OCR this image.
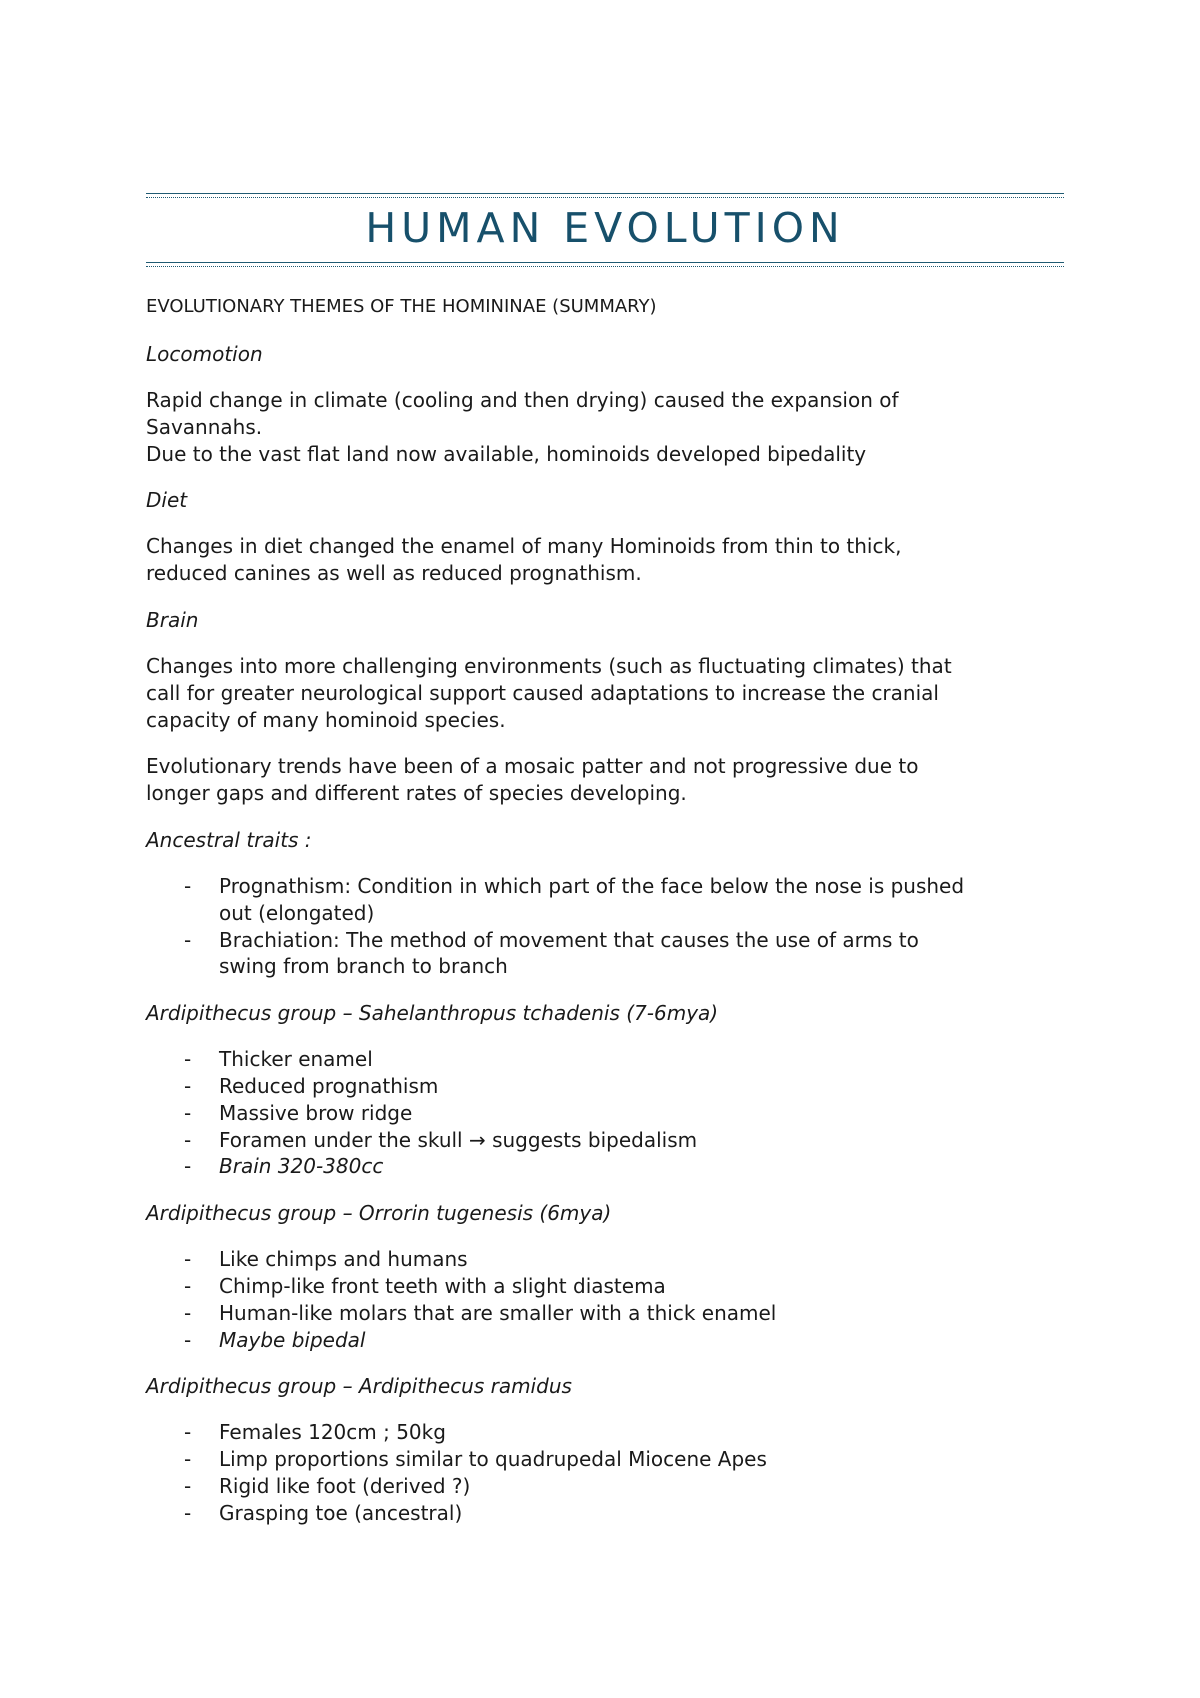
HUMAN EVOLUTION

EVOLUTIONARY THEMES OF THE HOMININAE (SUMMARY)

Locomotion

Rapid change in climate (cooling and then drying) caused the expansion of
Savannahs.
Due to the vast flat land now available, hominoids developed bipedality

Diet

Changes in diet changed the enamel of many Hominoids from thin to thick,
reduced canines as well as reduced prognathism.

Brain

Changes into more challenging environments (such as fluctuating climates) that
call for greater neurological support caused adaptations to increase the cranial
capacity of many hominoid species.

Evolutionary trends have been of a mosaic patter and not progressive due to
longer gaps and different rates of species developing.

Ancestral traits :

- Prognathism: Condition in which part of the face below the nose is pushed
out (elongated)
- Brachiation: The method of movement that causes the use of arms to
swing from branch to branch

Ardipithecus group – Sahelanthropus tchadenis (7-6mya)

- Thicker enamel
- Reduced prognathism
- Massive brow ridge
- Foramen under the skull → suggests bipedalism
- Brain 320-380cc

Ardipithecus group – Orrorin tugenesis (6mya)

- Like chimps and humans
- Chimp-like front teeth with a slight diastema
- Human-like molars that are smaller with a thick enamel
- Maybe bipedal

Ardipithecus group – Ardipithecus ramidus

- Females 120cm ; 50kg
- Limp proportions similar to quadrupedal Miocene Apes
- Rigid like foot (derived ?)
- Grasping toe (ancestral)
